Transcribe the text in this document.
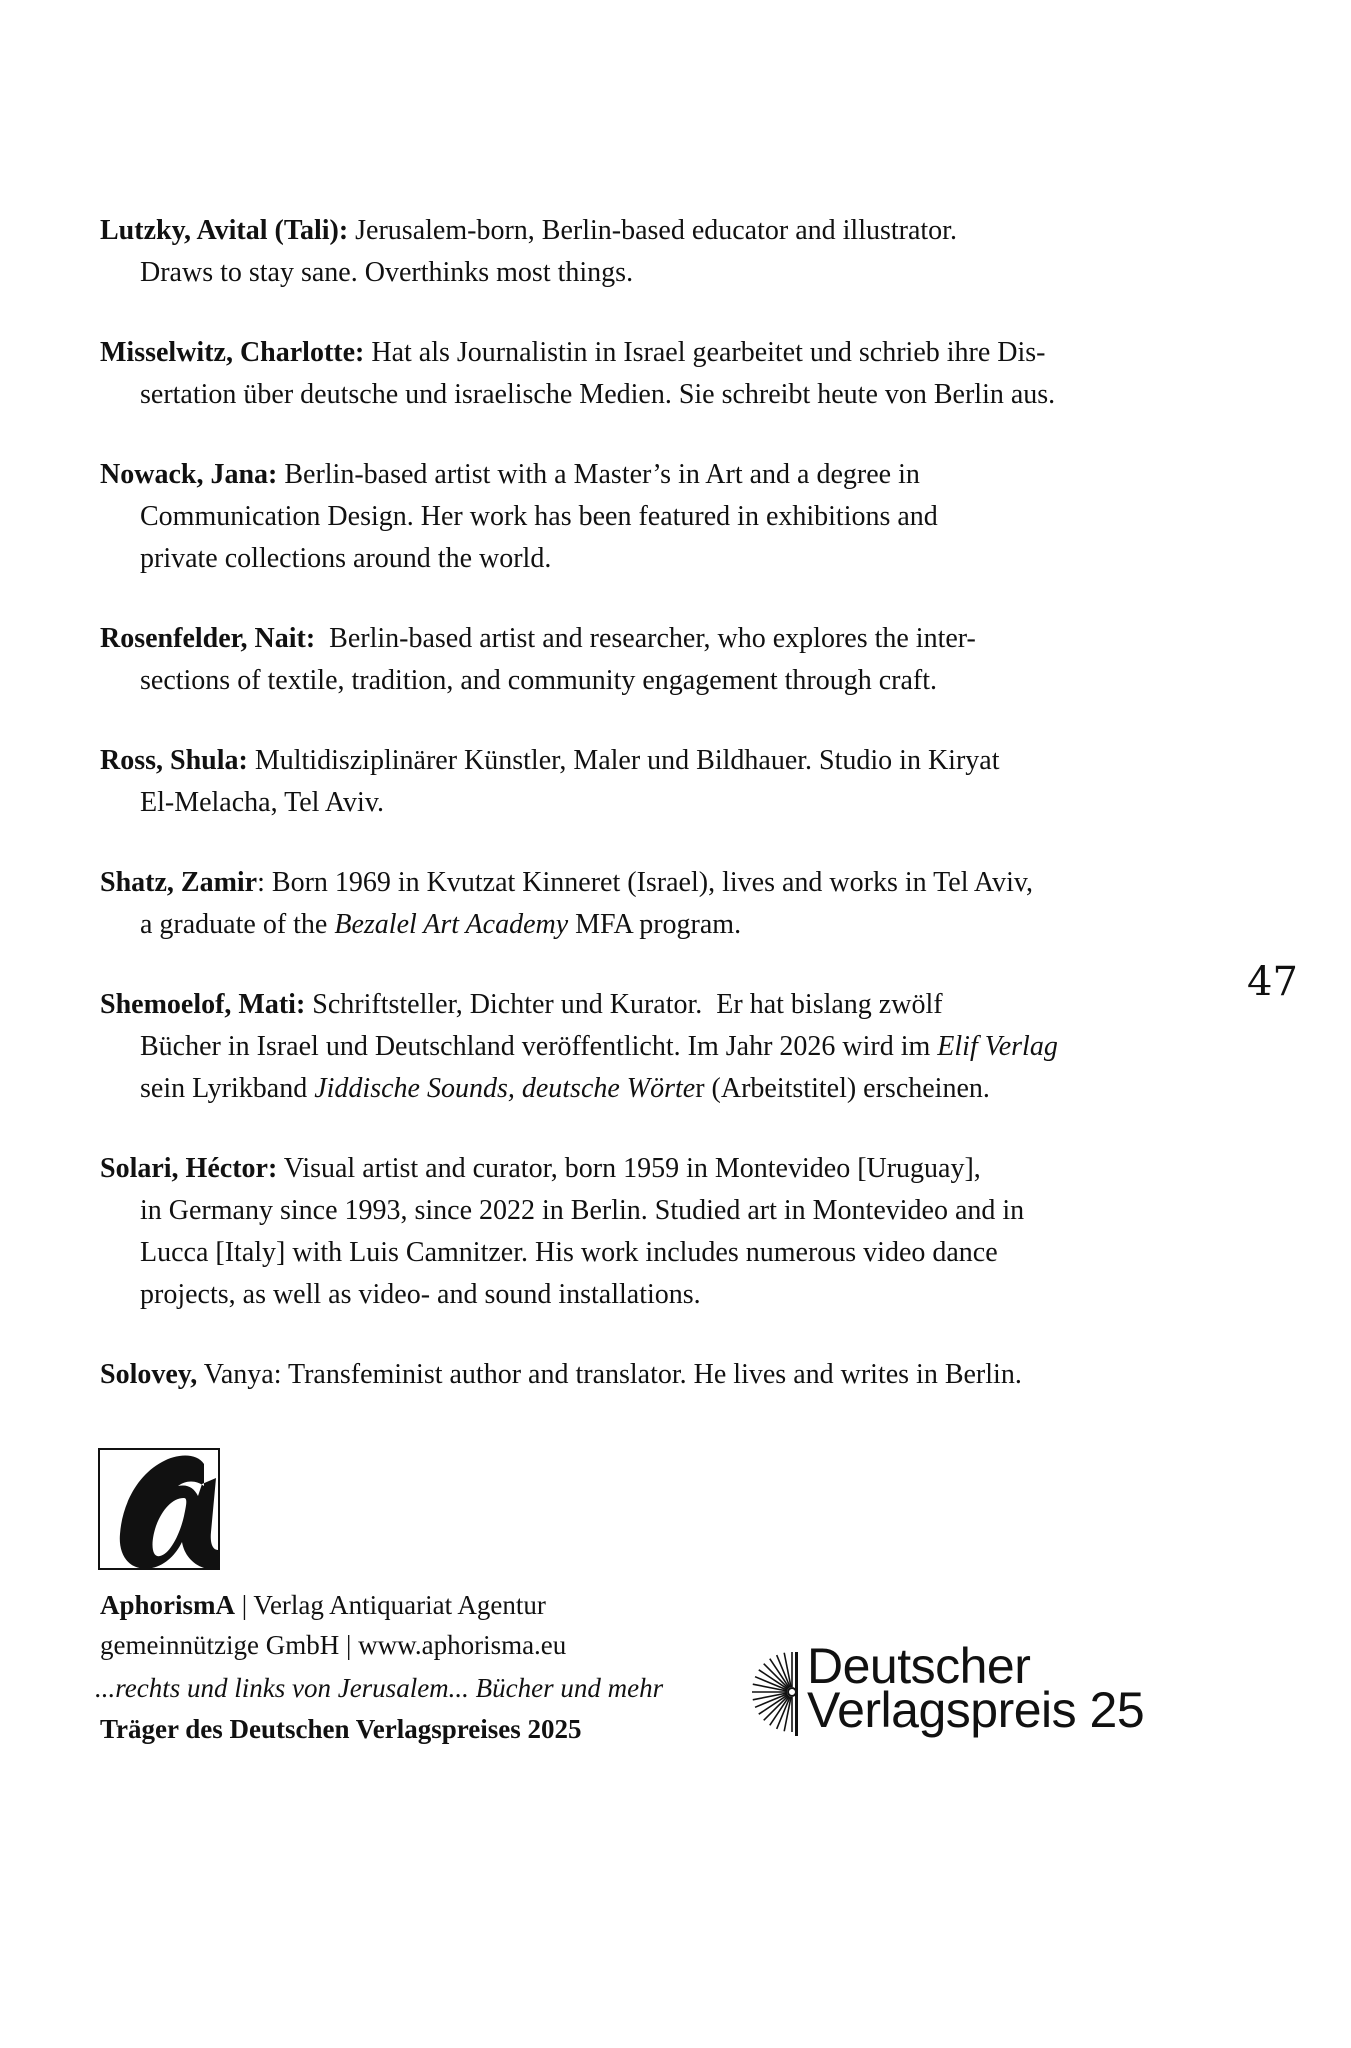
Lutzky, Avital (Tali): Jerusalem-born, Berlin-based educator and illustrator.
Draws to stay sane. Overthinks most things.
Misselwitz, Charlotte: Hat als Journalistin in Israel gearbeitet und schrieb ihre Dis-
sertation über deutsche und israelische Medien. Sie schreibt heute von Berlin aus.
Nowack, Jana: Berlin-based artist with a Master’s in Art and a degree in
Communication Design. Her work has been featured in exhibitions and
private collections around the world.
Rosenfelder, Nait:  Berlin-based artist and researcher, who explores the inter-
sections of textile, tradition, and community engagement through craft.
Ross, Shula: Multidisziplinärer Künstler, Maler und Bildhauer. Studio in Kiryat
El-Melacha, Tel Aviv.
Shatz, Zamir: Born 1969 in Kvutzat Kinneret (Israel), lives and works in Tel Aviv,
a graduate of the Bezalel Art Academy MFA program.
Shemoelof, Mati: Schriftsteller, Dichter und Kurator.  Er hat bislang zwölf
Bücher in Israel und Deutschland veröffentlicht. Im Jahr 2026 wird im Elif Verlag
sein Lyrikband Jiddische Sounds, deutsche Wörter (Arbeitstitel) erscheinen.
Solari, Héctor: Visual artist and curator, born 1959 in Montevideo [Uruguay],
in Germany since 1993, since 2022 in Berlin. Studied art in Montevideo and in
Lucca [Italy] with Luis Camnitzer. His work includes numerous video dance
projects, as well as video- and sound installations.
Solovey, Vanya: Transfeminist author and translator. He lives and writes in Berlin.
47
AphorismA | Verlag Antiquariat Agentur
gemeinnützige GmbH | www.aphorisma.eu
...rechts und links von Jerusalem... Bücher und mehr
Träger des Deutschen Verlagspreises 2025
Deutscher
Verlagspreis 25
